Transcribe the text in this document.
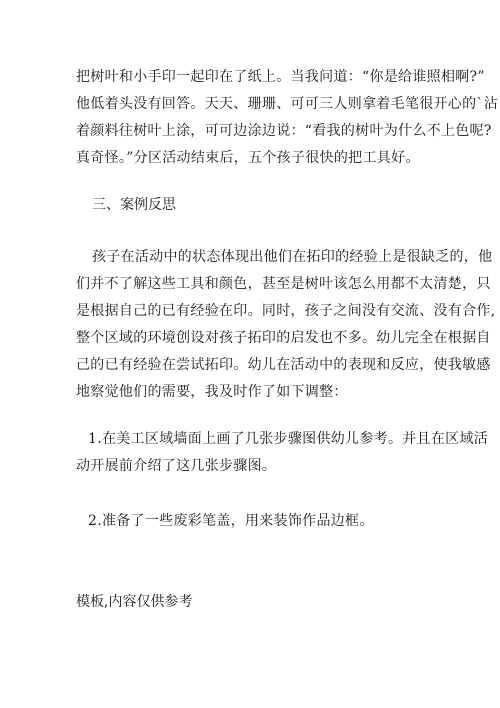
把树叶和小手印一起印在了纸上。当我问道：“你是给谁照相啊?”
他低着头没有回答。天天、珊珊、可可三人则拿着毛笔很开心的`沾
着颜料往树叶上涂，可可边涂边说：“看我的树叶为什么不上色呢?
真奇怪。”分区活动结束后，五个孩子很快的把工具好。
三、案例反思
孩子在活动中的状态体现出他们在拓印的经验上是很缺乏的，他
们并不了解这些工具和颜色，甚至是树叶该怎么用都不太清楚，只
是根据自己的已有经验在印。同时，孩子之间没有交流、没有合作,
整个区域的环境创设对孩子拓印的启发也不多。幼儿完全在根据自
己的已有经验在尝试拓印。幼儿在活动中的表现和反应，使我敏感
地察觉他们的需要，我及时作了如下调整：
1.在美工区域墙面上画了几张步骤图供幼儿参考。并且在区域活
动开展前介绍了这几张步骤图。
2.准备了一些废彩笔盖，用来装饰作品边框。
模板,内容仅供参考
